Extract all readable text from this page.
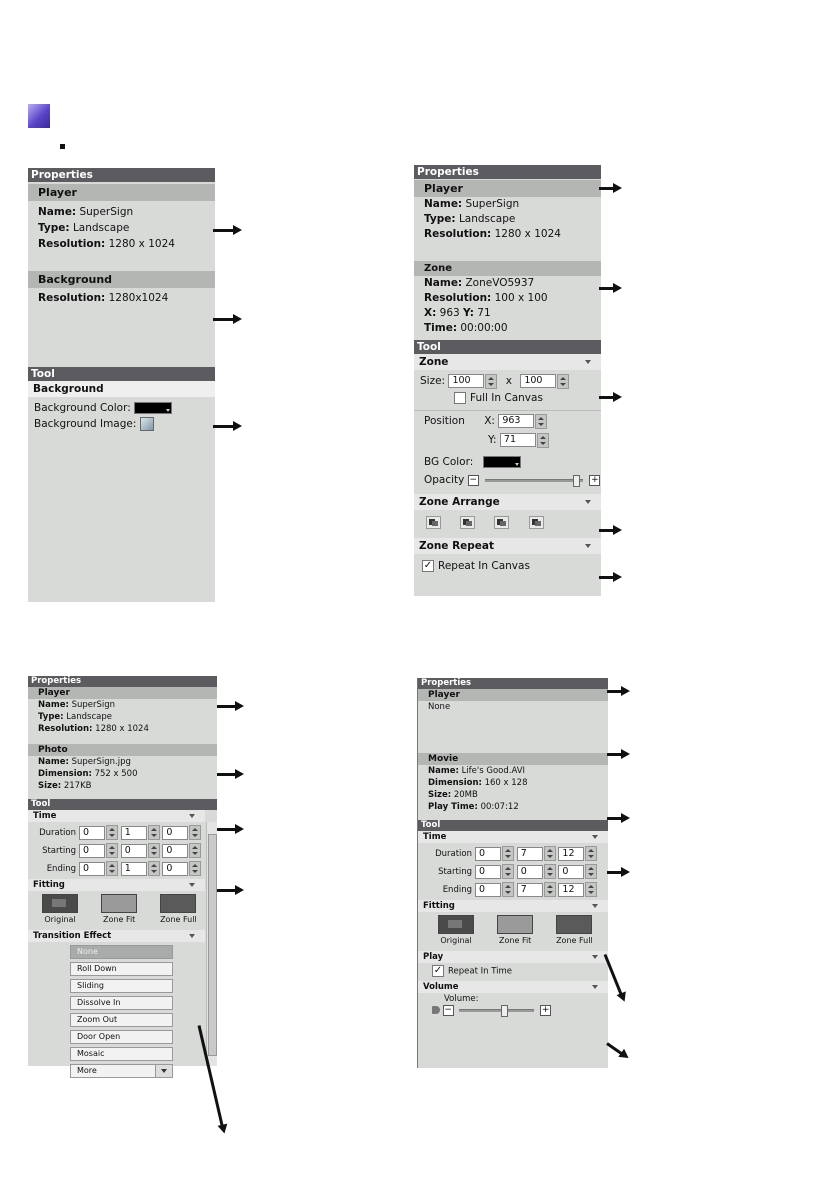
Properties
Player
Name: SuperSign
Type: Landscape
Resolution: 1280 x 1024
Background
Resolution: 1280x1024
Tool
Background
Background Color:
Background Image:
Properties
Player
Name: SuperSign
Type: Landscape
Resolution: 1280 x 1024
Zone
Name: ZoneVO5937
Resolution: 100 x 100
X: 963 Y: 71
Time: 00:00:00
Tool
Zone
Size: 100	x 100
Full In Canvas
Position X: 963
Y: 71
BG Color:
Opacity −	+
Zone Arrange

Zone Repeat
✓ Repeat In Canvas
Properties
Player
Name: SuperSign
Type: Landscape
Resolution: 1280 x 1024
Photo
Name: SuperSign.jpg
Dimension: 752 x 500
Size: 217KB
Tool
Time
Duration 0	1	0
Starting 0	0	0
Ending 0	1	0
Fitting
Original	Zone Fit	Zone Full
Transition Effect
None
Roll Down
Sliding
Dissolve In
Zoom Out
Door Open
Mosaic
More
Properties
Player
None
Movie
Name: Life's Good.AVI
Dimension: 160 x 128
Size: 20MB
Play Time: 00:07:12
Tool
Time
Duration 0	7	12
Starting 0	0	0
Ending 0	7	12
Fitting
Original	Zone Fit	Zone Full
Play
✓ Repeat In Time
Volume
Volume:
−	+
